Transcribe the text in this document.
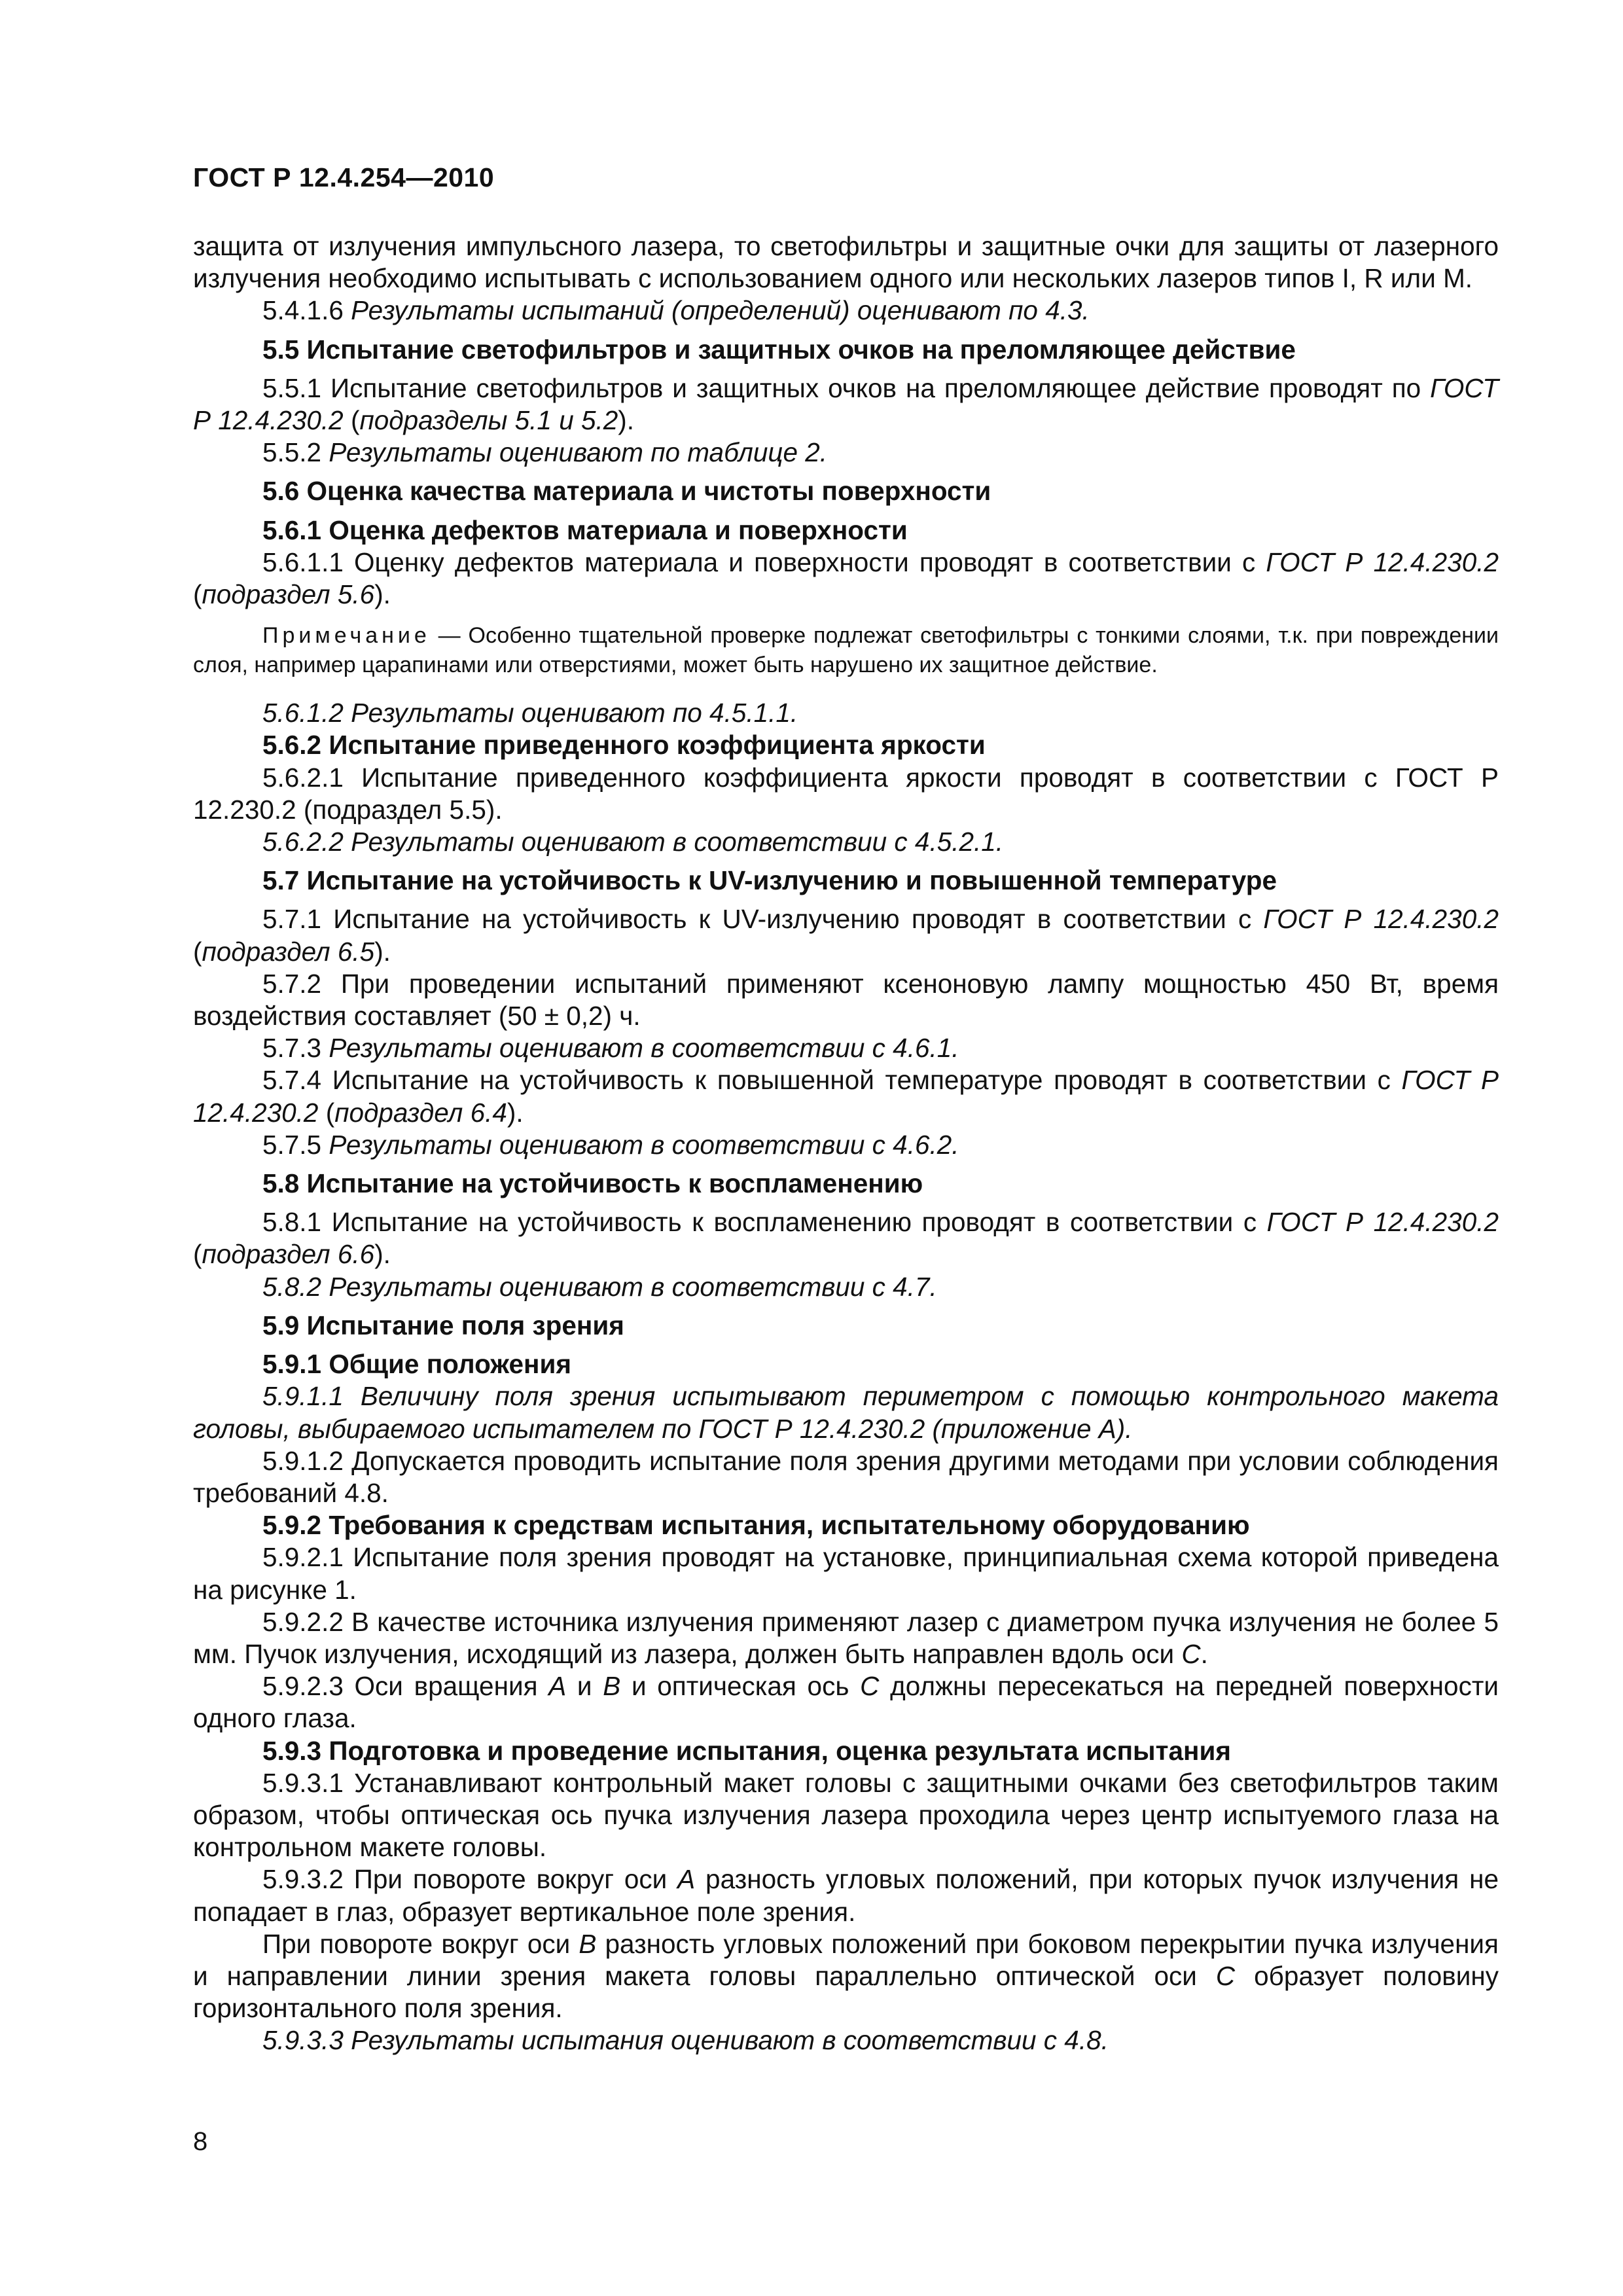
ГОСТ Р 12.4.254—2010

защита от излучения импульсного лазера, то светофильтры и защитные очки для защиты от лазерного излучения необходимо испытывать с использованием одного или нескольких лазеров типов I, R или M.

5.4.1.6 Результаты испытаний (определений) оценивают по 4.3.

5.5 Испытание светофильтров и защитных очков на преломляющее действие

5.5.1 Испытание светофильтров и защитных очков на преломляющее действие проводят по ГОСТ Р 12.4.230.2 (подразделы 5.1 и 5.2).

5.5.2 Результаты оценивают по таблице 2.

5.6 Оценка качества материала и чистоты поверхности

5.6.1 Оценка дефектов материала и поверхности

5.6.1.1 Оценку дефектов материала и поверхности проводят в соответствии с ГОСТ Р 12.4.230.2 (подраздел 5.6).

Примечание — Особенно тщательной проверке подлежат светофильтры с тонкими слоями, т.к. при повреждении слоя, например царапинами или отверстиями, может быть нарушено их защитное действие.

5.6.1.2 Результаты оценивают по 4.5.1.1.

5.6.2 Испытание приведенного коэффициента яркости

5.6.2.1 Испытание приведенного коэффициента яркости проводят в соответствии с ГОСТ Р 12.230.2 (подраздел 5.5).

5.6.2.2 Результаты оценивают в соответствии с 4.5.2.1.

5.7 Испытание на устойчивость к UV-излучению и повышенной температуре

5.7.1 Испытание на устойчивость к UV-излучению проводят в соответствии с ГОСТ Р 12.4.230.2 (подраздел 6.5).

5.7.2 При проведении испытаний применяют ксеноновую лампу мощностью 450 Вт, время воздействия составляет (50 ± 0,2) ч.

5.7.3 Результаты оценивают в соответствии с 4.6.1.

5.7.4 Испытание на устойчивость к повышенной температуре проводят в соответствии с ГОСТ Р 12.4.230.2 (подраздел 6.4).

5.7.5 Результаты оценивают в соответствии с 4.6.2.

5.8 Испытание на устойчивость к воспламенению

5.8.1 Испытание на устойчивость к воспламенению проводят в соответствии с ГОСТ Р 12.4.230.2 (подраздел 6.6).

5.8.2 Результаты оценивают в соответствии с 4.7.

5.9 Испытание поля зрения

5.9.1 Общие положения

5.9.1.1 Величину поля зрения испытывают периметром с помощью контрольного макета головы, выбираемого испытателем по ГОСТ Р 12.4.230.2 (приложение А).

5.9.1.2 Допускается проводить испытание поля зрения другими методами при условии соблюдения требований 4.8.

5.9.2 Требования к средствам испытания, испытательному оборудованию

5.9.2.1 Испытание поля зрения проводят на установке, принципиальная схема которой приведена на рисунке 1.

5.9.2.2 В качестве источника излучения применяют лазер с диаметром пучка излучения не более 5 мм. Пучок излучения, исходящий из лазера, должен быть направлен вдоль оси C.

5.9.2.3 Оси вращения A и B и оптическая ось C должны пересекаться на передней поверхности одного глаза.

5.9.3 Подготовка и проведение испытания, оценка результата испытания

5.9.3.1 Устанавливают контрольный макет головы с защитными очками без светофильтров таким образом, чтобы оптическая ось пучка излучения лазера проходила через центр испытуемого глаза на контрольном макете головы.

5.9.3.2 При повороте вокруг оси A разность угловых положений, при которых пучок излучения не попадает в глаз, образует вертикальное поле зрения.

При повороте вокруг оси B разность угловых положений при боковом перекрытии пучка излучения и направлении линии зрения макета головы параллельно оптической оси C образует половину горизонтального поля зрения.

5.9.3.3 Результаты испытания оценивают в соответствии с 4.8.

8
